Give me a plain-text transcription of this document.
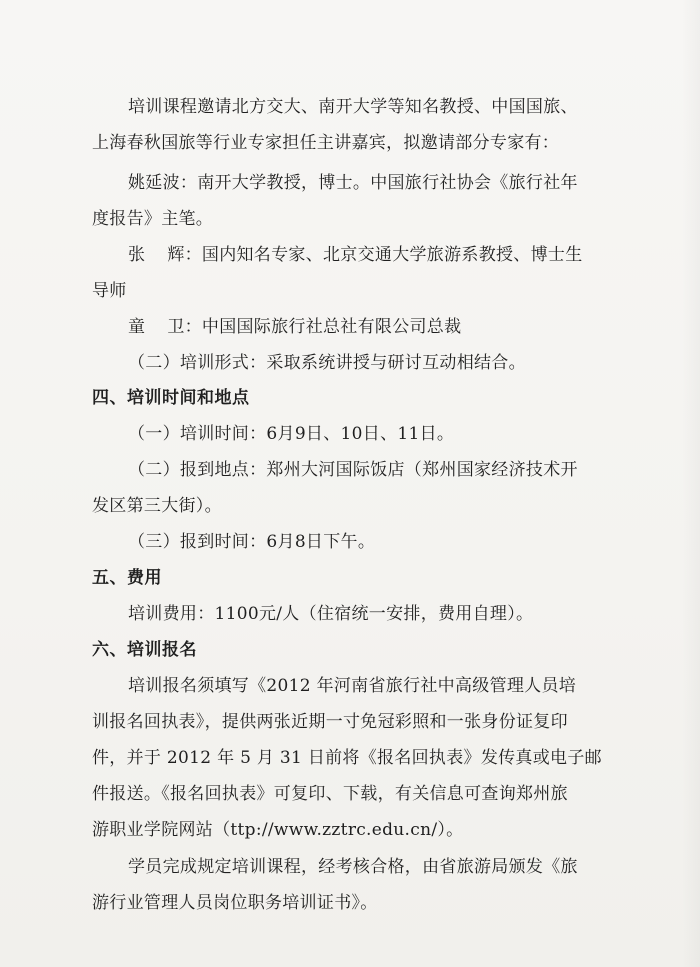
培训课程邀请北方交大、南开大学等知名教授、中国国旅、
上海春秋国旅等行业专家担任主讲嘉宾，拟邀请部分专家有：
姚延波：南开大学教授，博士。中国旅行社协会《旅行社年
度报告》主笔。
张 辉：国内知名专家、北京交通大学旅游系教授、博士生
导师
童 卫：中国国际旅行社总社有限公司总裁
（二）培训形式：采取系统讲授与研讨互动相结合。
四、培训时间和地点
（一）培训时间：6月9日、10日、11日。
（二）报到地点：郑州大河国际饭店（郑州国家经济技术开
发区第三大街）。
（三）报到时间：6月8日下午。
五、费用
培训费用：1100元/人（住宿统一安排，费用自理）。
六、培训报名
培训报名须填写《2012 年河南省旅行社中高级管理人员培
训报名回执表》，提供两张近期一寸免冠彩照和一张身份证复印
件，并于 2012 年 5 月 31 日前将《报名回执表》发传真或电子邮
件报送。《报名回执表》可复印、下载，有关信息可查询郑州旅
游职业学院网站（ttp://www.zztrc.edu.cn/）。
学员完成规定培训课程，经考核合格，由省旅游局颁发《旅
游行业管理人员岗位职务培训证书》。
